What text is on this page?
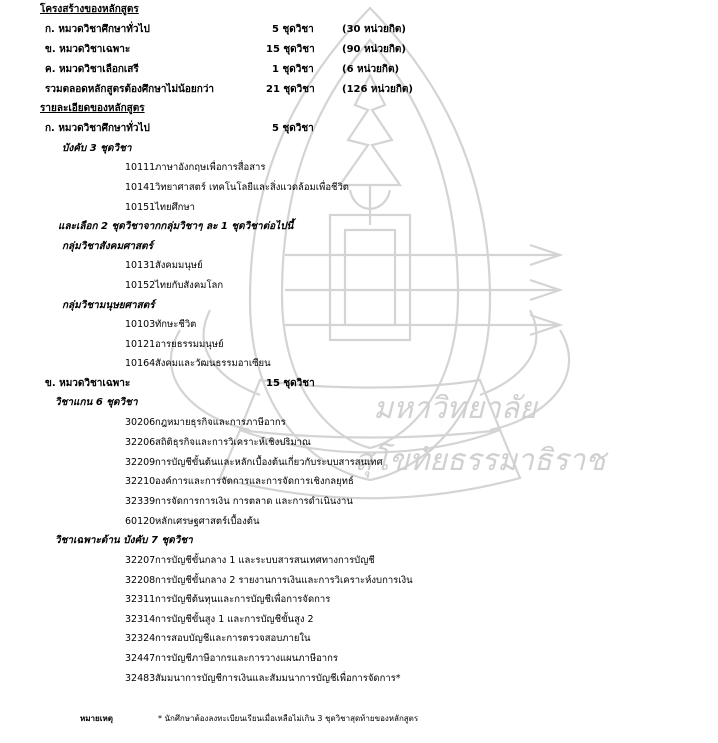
มหาวิทยาลัย
สุโขทัยธรรมาธิราช
โครงสร้างของหลักสูตร
ก. หมวดวิชาศึกษาทั่วไป	5 ชุดวิชา	(30 หน่วยกิต)
ข. หมวดวิชาเฉพาะ	15 ชุดวิชา	(90 หน่วยกิต)
ค. หมวดวิชาเลือกเสรี	1 ชุดวิชา	(6 หน่วยกิต)
รวมตลอดหลักสูตรต้องศึกษาไม่น้อยกว่า	21 ชุดวิชา	(126 หน่วยกิต)
รายละเอียดของหลักสูตร
ก. หมวดวิชาศึกษาทั่วไป	5 ชุดวิชา
บังคับ 3 ชุดวิชา
10111 ภาษาอังกฤษเพื่อการสื่อสาร
10141 วิทยาศาสตร์ เทคโนโลยีและสิ่งแวดล้อมเพื่อชีวิต
10151 ไทยศึกษา
และเลือก 2 ชุดวิชาจากกลุ่มวิชาๆ ละ 1 ชุดวิชาต่อไปนี้
กลุ่มวิชาสังคมศาสตร์
10131 สังคมมนุษย์
10152 ไทยกับสังคมโลก
กลุ่มวิชามนุษยศาสตร์
10103 ทักษะชีวิต
10121 อารยธรรมมนุษย์
10164 สังคมและวัฒนธรรมอาเซียน
ข. หมวดวิชาเฉพาะ	15 ชุดวิชา
วิชาแกน 6 ชุดวิชา
30206 กฎหมายธุรกิจและการภาษีอากร
32206 สถิติธุรกิจและการวิเคราะห์เชิงปริมาณ
32209 การบัญชีขั้นต้นและหลักเบื้องต้นเกี่ยวกับระบบสารสนเทศ
32210 องค์การและการจัดการและการจัดการเชิงกลยุทธ์
32339 การจัดการการเงิน การตลาด และการดำเนินงาน
60120 หลักเศรษฐศาสตร์เบื้องต้น
วิชาเฉพาะด้าน บังคับ 7 ชุดวิชา
32207 การบัญชีขั้นกลาง 1 และระบบสารสนเทศทางการบัญชี
32208 การบัญชีขั้นกลาง 2 รายงานการเงินและการวิเคราะห์งบการเงิน
32311 การบัญชีต้นทุนและการบัญชีเพื่อการจัดการ
32314 การบัญชีขั้นสูง 1 และการบัญชีขั้นสูง 2
32324 การสอบบัญชีและการตรวจสอบภายใน
32447 การบัญชีภาษีอากรและการวางแผนภาษีอากร
32483 สัมมนาการบัญชีการเงินและสัมมนาการบัญชีเพื่อการจัดการ*
หมายเหตุ	* นักศึกษาต้องลงทะเบียนเรียนเมื่อเหลือไม่เกิน 3 ชุดวิชาสุดท้ายของหลักสูตร
